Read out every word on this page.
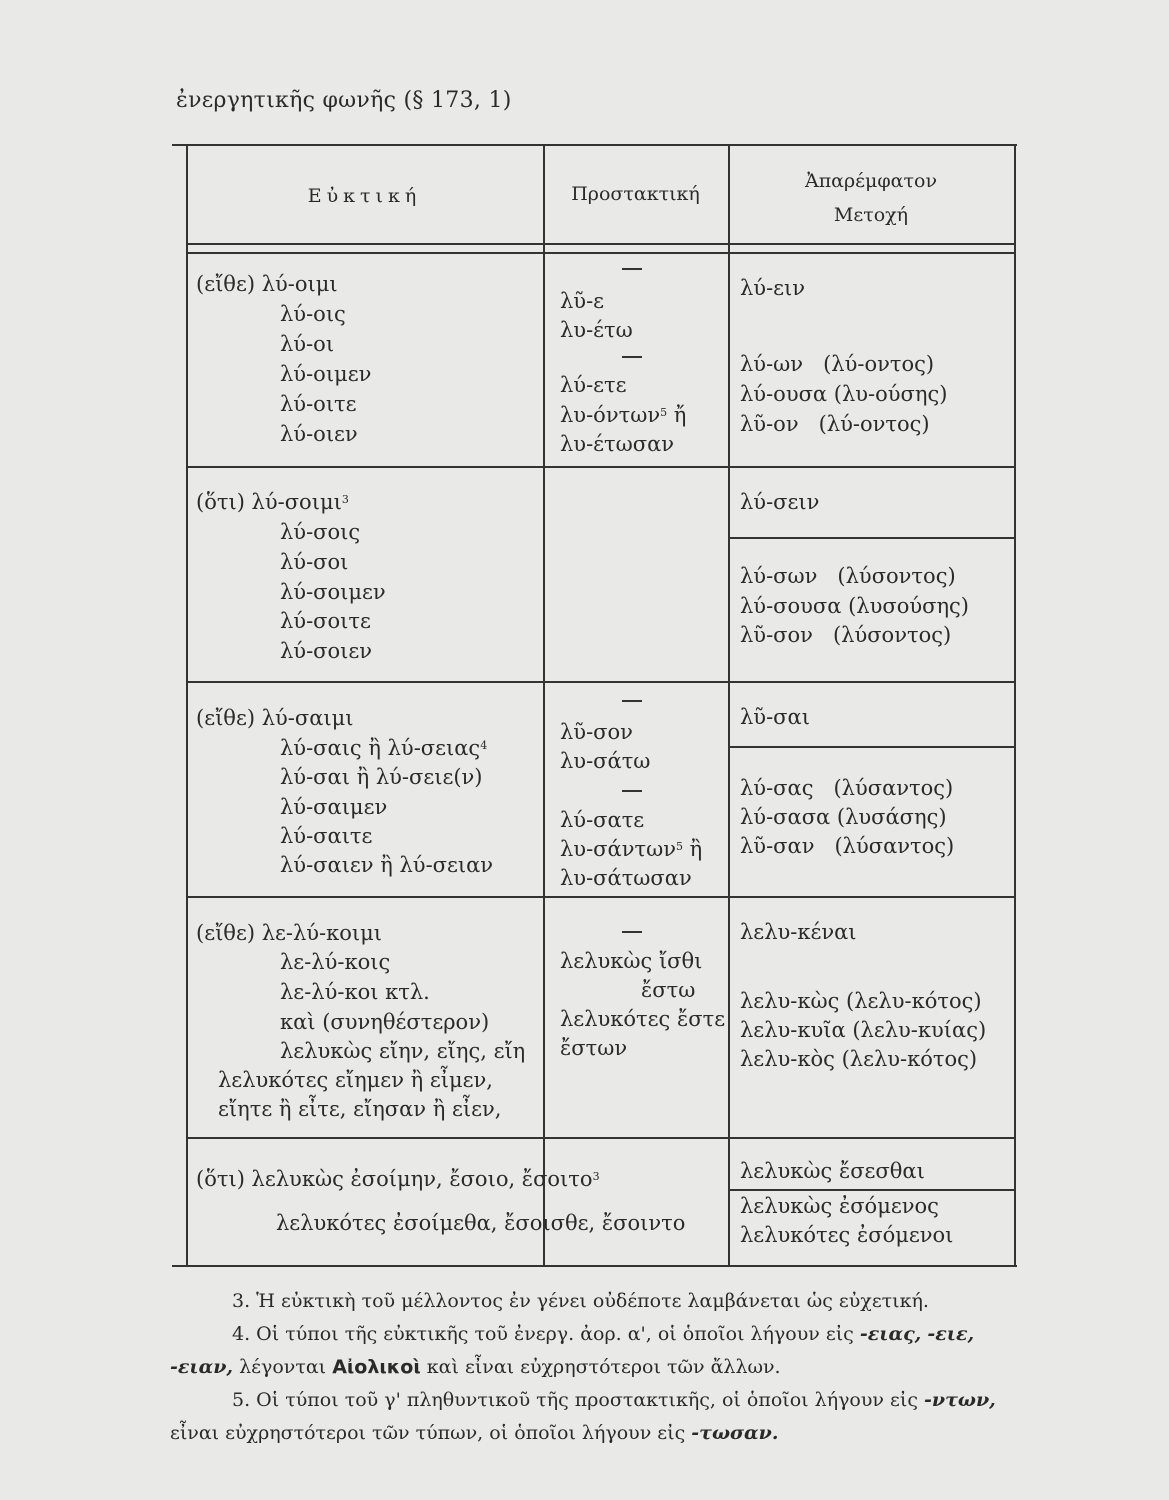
ἐνεργητικῆς φωνῆς (§ 173, 1)
Εὐκτική	Προστακτική
Ἀπαρέμφατον
Μετοχή
(εἴθε) λύ-οιμι
λύ-οις
λύ-οι
λύ-οιμεν
λύ-οιτε
λύ-οιεν
λῦ-ε
λυ-έτω
λύ-ετε
λυ-όντων$^5$ ἤ
λυ-έτωσαν
λύ-ειν
λύ-ων   (λύ-οντος)
λύ-ουσα (λυ-ούσης)
λῦ-ον   (λύ-οντος)
(ὅτι) λύ-σοιμι$^3$
λύ-σοις
λύ-σοι
λύ-σοιμεν
λύ-σοιτε
λύ-σοιεν
λύ-σειν
λύ-σων   (λύσοντος)
λύ-σουσα (λυσούσης)
λῦ-σον   (λύσοντος)
(εἴθε) λύ-σαιμι
λύ-σαις ἢ λύ-σειας$^4$
λύ-σαι ἢ λύ-σειε(ν)
λύ-σαιμεν
λύ-σαιτε
λύ-σαιεν ἢ λύ-σειαν
λῦ-σον
λυ-σάτω
λύ-σατε
λυ-σάντων$^5$ ἢ
λυ-σάτωσαν
λῦ-σαι
λύ-σας   (λύσαντος)
λύ-σασα (λυσάσης)
λῦ-σαν   (λύσαντος)
(εἴθε) λε-λύ-κοιμι
λε-λύ-κοις
λε-λύ-κοι κτλ.
καὶ (συνηθέστερον)
λελυκὼς εἴην, εἴης, εἴη
λελυκότες εἴημεν ἢ εἶμεν,
εἴητε ἢ εἶτε, εἴησαν ἢ εἶεν,
λελυκὼς ἴσθι
ἔστω
λελυκότες ἔστε
ἔστων
λελυ-κέναι
λελυ-κὼς (λελυ-κότος)
λελυ-κυῖα (λελυ-κυίας)
λελυ-κὸς (λελυ-κότος)
(ὅτι) λελυκὼς ἐσοίμην, ἔσοιο, ἔσοιτο$^3$
λελυκότες ἐσοίμεθα, ἔσοισθε, ἔσοιντο
λελυκὼς ἔσεσθαι
λελυκὼς ἐσόμενος
λελυκότες ἐσόμενοι
3. Ἡ εὐκτικὴ τοῦ μέλλοντος ἐν γένει οὐδέποτε λαμβάνεται ὡς εὐχετική.
4. Οἱ τύποι τῆς εὐκτικῆς τοῦ ἐνεργ. ἀορ. α', οἱ ὁποῖοι λήγουν εἰς -ειας, -ειε, -ειαν, λέγονται Αἰολικοὶ καὶ εἶναι εὐχρηστότεροι τῶν ἄλλων.
5. Οἱ τύποι τοῦ γ' πληθυντικοῦ τῆς προστακτικῆς, οἱ ὁποῖοι λήγουν εἰς -ντων, εἶναι εὐχρηστότεροι τῶν τύπων, οἱ ὁποῖοι λήγουν εἰς -τωσαν.
